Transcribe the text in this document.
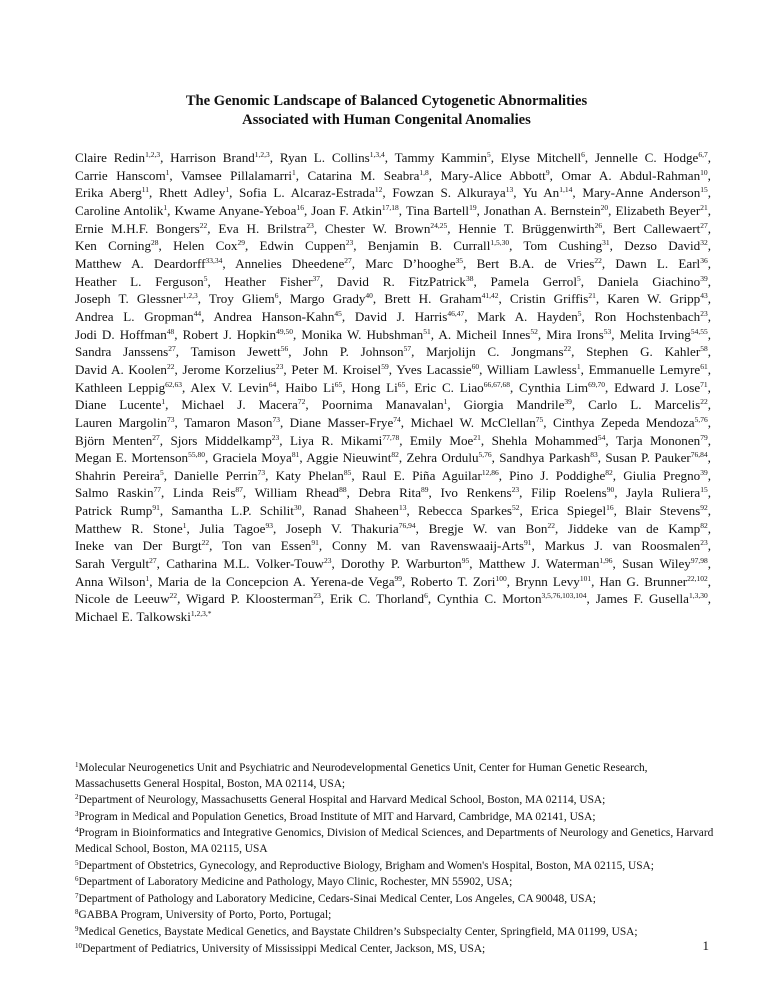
The Genomic Landscape of Balanced Cytogenetic Abnormalities
Associated with Human Congenital Anomalies
Claire Redin$^{1,2,3}$, Harrison Brand$^{1,2,3}$, Ryan L. Collins$^{1,3,4}$, Tammy Kammin$^5$, Elyse Mitchell$^6$, Jennelle C. Hodge$^{6,7}$, Carrie Hanscom$^1$, Vamsee Pillalamarri$^1$, Catarina M. Seabra$^{1,8}$, Mary-Alice Abbott$^9$, Omar A. Abdul-Rahman$^{10}$, Erika Aberg$^{11}$, Rhett Adley$^1$, Sofia L. Alcaraz-Estrada$^{12}$, Fowzan S. Alkuraya$^{13}$, Yu An$^{1,14}$, Mary-Anne Anderson$^{15}$, Caroline Antolik$^1$, Kwame Anyane-Yeboa$^{16}$, Joan F. Atkin$^{17,18}$, Tina Bartell$^{19}$, Jonathan A. Bernstein$^{20}$, Elizabeth Beyer$^{21}$, Ernie M.H.F. Bongers$^{22}$, Eva H. Brilstra$^{23}$, Chester W. Brown$^{24,25}$, Hennie T. Brüggenwirth$^{26}$, Bert Callewaert$^{27}$, Ken Corning$^{28}$, Helen Cox$^{29}$, Edwin Cuppen$^{23}$, Benjamin B. Currall$^{1,5,30}$, Tom Cushing$^{31}$, Dezso David$^{32}$, Matthew A. Deardorff$^{33,34}$, Annelies Dheedene$^{27}$, Marc D’hooghe$^{35}$, Bert B.A. de Vries$^{22}$, Dawn L. Earl$^{36}$, Heather L. Ferguson$^5$, Heather Fisher$^{37}$, David R. FitzPatrick$^{38}$, Pamela Gerrol$^5$, Daniela Giachino$^{39}$, Joseph T. Glessner$^{1,2,3}$, Troy Gliem$^6$, Margo Grady$^{40}$, Brett H. Graham$^{41,42}$, Cristin Griffis$^{21}$, Karen W. Gripp$^{43}$, Andrea L. Gropman$^{44}$, Andrea Hanson-Kahn$^{45}$, David J. Harris$^{46,47}$, Mark A. Hayden$^5$, Ron Hochstenbach$^{23}$, Jodi D. Hoffman$^{48}$, Robert J. Hopkin$^{49,50}$, Monika W. Hubshman$^{51}$, A. Micheil Innes$^{52}$, Mira Irons$^{53}$, Melita Irving$^{54,55}$, Sandra Janssens$^{27}$, Tamison Jewett$^{56}$, John P. Johnson$^{57}$, Marjolijn C. Jongmans$^{22}$, Stephen G. Kahler$^{58}$, David A. Koolen$^{22}$, Jerome Korzelius$^{23}$, Peter M. Kroisel$^{59}$, Yves Lacassie$^{60}$, William Lawless$^1$, Emmanuelle Lemyre$^{61}$, Kathleen Leppig$^{62,63}$, Alex V. Levin$^{64}$, Haibo Li$^{65}$, Hong Li$^{65}$, Eric C. Liao$^{66,67,68}$, Cynthia Lim$^{69,70}$, Edward J. Lose$^{71}$, Diane Lucente$^1$, Michael J. Macera$^{72}$, Poornima Manavalan$^1$, Giorgia Mandrile$^{39}$, Carlo L. Marcelis$^{22}$, Lauren Margolin$^{73}$, Tamaron Mason$^{73}$, Diane Masser-Frye$^{74}$, Michael W. McClellan$^{75}$, Cinthya Zepeda Mendoza$^{5,76}$, Björn Menten$^{27}$, Sjors Middelkamp$^{23}$, Liya R. Mikami$^{77,78}$, Emily Moe$^{21}$, Shehla Mohammed$^{54}$, Tarja Mononen$^{79}$, Megan E. Mortenson$^{55,80}$, Graciela Moya$^{81}$, Aggie Nieuwint$^{82}$, Zehra Ordulu$^{5,76}$, Sandhya Parkash$^{83}$, Susan P. Pauker$^{76,84}$, Shahrin Pereira$^5$, Danielle Perrin$^{73}$, Katy Phelan$^{85}$, Raul E. Piña Aguilar$^{12,86}$, Pino J. Poddighe$^{82}$, Giulia Pregno$^{39}$, Salmo Raskin$^{77}$, Linda Reis$^{87}$, William Rhead$^{88}$, Debra Rita$^{89}$, Ivo Renkens$^{23}$, Filip Roelens$^{90}$, Jayla Ruliera$^{15}$, Patrick Rump$^{91}$, Samantha L.P. Schilit$^{30}$, Ranad Shaheen$^{13}$, Rebecca Sparkes$^{52}$, Erica Spiegel$^{16}$, Blair Stevens$^{92}$, Matthew R. Stone$^1$, Julia Tagoe$^{93}$, Joseph V. Thakuria$^{76,94}$, Bregje W. van Bon$^{22}$, Jiddeke van de Kamp$^{82}$, Ineke van Der Burgt$^{22}$, Ton van Essen$^{91}$, Conny M. van Ravenswaaij-Arts$^{91}$, Markus J. van Roosmalen$^{23}$, Sarah Vergult$^{27}$, Catharina M.L. Volker-Touw$^{23}$, Dorothy P. Warburton$^{95}$, Matthew J. Waterman$^{1,96}$, Susan Wiley$^{97,98}$, Anna Wilson$^1$, Maria de la Concepcion A. Yerena-de Vega$^{99}$, Roberto T. Zori$^{100}$, Brynn Levy$^{101}$, Han G. Brunner$^{22,102}$, Nicole de Leeuw$^{22}$, Wigard P. Kloosterman$^{23}$, Erik C. Thorland$^6$, Cynthia C. Morton$^{3,5,76,103,104}$, James F. Gusella$^{1,3,30}$, Michael E. Talkowski$^{1,2,3,*}$
$^1$Molecular Neurogenetics Unit and Psychiatric and Neurodevelopmental Genetics Unit, Center for Human Genetic Research, Massachusetts General Hospital, Boston, MA 02114, USA;
$^2$Department of Neurology, Massachusetts General Hospital and Harvard Medical School, Boston, MA 02114, USA;
$^3$Program in Medical and Population Genetics, Broad Institute of MIT and Harvard, Cambridge, MA 02141, USA;
$^4$Program in Bioinformatics and Integrative Genomics, Division of Medical Sciences, and Departments of Neurology and Genetics, Harvard Medical School, Boston, MA 02115, USA
$^5$Department of Obstetrics, Gynecology, and Reproductive Biology, Brigham and Women's Hospital, Boston, MA 02115, USA;
$^6$Department of Laboratory Medicine and Pathology, Mayo Clinic, Rochester, MN 55902, USA;
$^7$Department of Pathology and Laboratory Medicine, Cedars-Sinai Medical Center, Los Angeles, CA 90048, USA;
$^8$GABBA Program, University of Porto, Porto, Portugal;
$^9$Medical Genetics, Baystate Medical Genetics, and Baystate Children’s Subspecialty Center, Springfield, MA 01199, USA;
$^{10}$Department of Pediatrics, University of Mississippi Medical Center, Jackson, MS, USA;	1
